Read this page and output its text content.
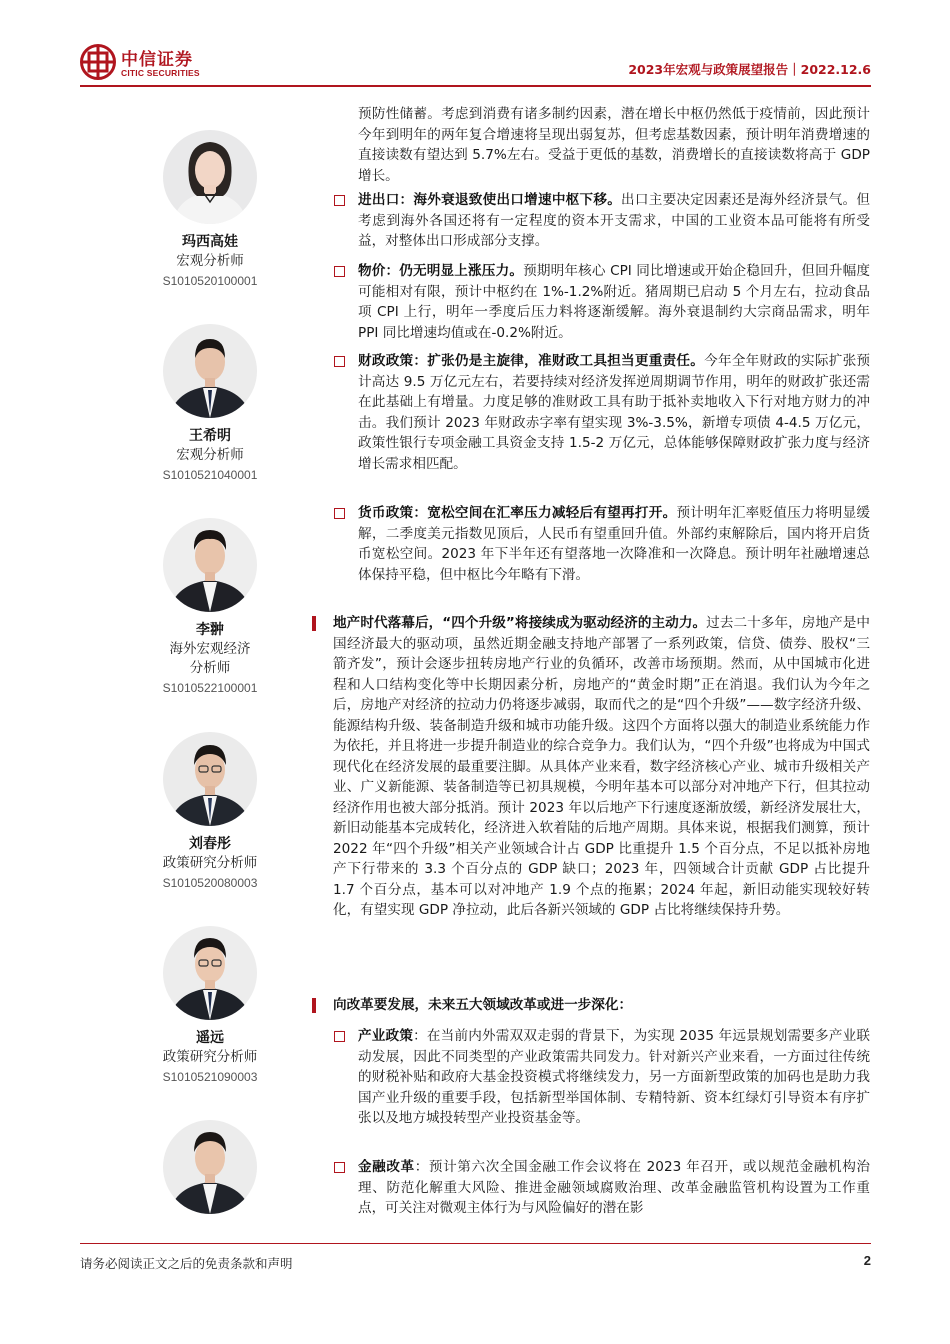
中信证券
CITIC SECURITIES	2023年宏观与政策展望报告｜2022.12.6
玛西高娃
宏观分析师
S1010520100001
王希明
宏观分析师
S1010521040001
李翀
海外宏观经济
分析师
S1010522100001
刘春彤
政策研究分析师
S1010520080003
遥远
政策研究分析师
S1010521090003
预防性储蓄。考虑到消费有诸多制约因素，潜在增长中枢仍然低于疫情前，因此预计今年到明年的两年复合增速将呈现出弱复苏，但考虑基数因素，预计明年消费增速的直接读数有望达到 5.7%左右。受益于更低的基数，消费增长的直接读数将高于 GDP 增长。
进出口：海外衰退致使出口增速中枢下移。出口主要决定因素还是海外经济景气。但考虑到海外各国还将有一定程度的资本开支需求，中国的工业资本品可能将有所受益，对整体出口形成部分支撑。
物价：仍无明显上涨压力。预期明年核心 CPI 同比增速或开始企稳回升，但回升幅度可能相对有限，预计中枢约在 1%-1.2%附近。猪周期已启动 5 个月左右，拉动食品项 CPI 上行，明年一季度后压力料将逐渐缓解。海外衰退制约大宗商品需求，明年 PPI 同比增速均值或在-0.2%附近。
财政政策：扩张仍是主旋律，准财政工具担当更重责任。今年全年财政的实际扩张预计高达 9.5 万亿元左右，若要持续对经济发挥逆周期调节作用，明年的财政扩张还需在此基础上有增量。力度足够的准财政工具有助于抵补卖地收入下行对地方财力的冲击。我们预计 2023 年财政赤字率有望实现 3%-3.5%，新增专项债 4-4.5 万亿元，政策性银行专项金融工具资金支持 1.5-2 万亿元，总体能够保障财政扩张力度与经济增长需求相匹配。
货币政策：宽松空间在汇率压力减轻后有望再打开。预计明年汇率贬值压力将明显缓解，二季度美元指数见顶后，人民币有望重回升值。外部约束解除后，国内将开启货币宽松空间。2023 年下半年还有望落地一次降准和一次降息。预计明年社融增速总体保持平稳，但中枢比今年略有下滑。
地产时代落幕后，“四个升级”将接续成为驱动经济的主动力。过去二十多年，房地产是中国经济最大的驱动项，虽然近期金融支持地产部署了一系列政策，信贷、债券、股权“三箭齐发”，预计会逐步扭转房地产行业的负循环，改善市场预期。然而，从中国城市化进程和人口结构变化等中长期因素分析，房地产的“黄金时期”正在消退。我们认为今年之后，房地产对经济的拉动力仍将逐步减弱，取而代之的是“四个升级”——数字经济升级、能源结构升级、装备制造升级和城市功能升级。这四个方面将以强大的制造业系统能力作为依托，并且将进一步提升制造业的综合竞争力。我们认为，“四个升级”也将成为中国式现代化在经济发展的最重要注脚。从具体产业来看，数字经济核心产业、城市升级相关产业、广义新能源、装备制造等已初具规模，今明年基本可以部分对冲地产下行，但其拉动经济作用也被大部分抵消。预计 2023 年以后地产下行速度逐渐放缓，新经济发展壮大，新旧动能基本完成转化，经济进入软着陆的后地产周期。具体来说，根据我们测算，预计 2022 年“四个升级”相关产业领域合计占 GDP 比重提升 1.5 个百分点，不足以抵补房地产下行带来的 3.3 个百分点的 GDP 缺口；2023 年，四领域合计贡献 GDP 占比提升 1.7 个百分点，基本可以对冲地产 1.9 个点的拖累；2024 年起，新旧动能实现较好转化，有望实现 GDP 净拉动，此后各新兴领域的 GDP 占比将继续保持升势。
向改革要发展，未来五大领域改革或进一步深化：
产业政策：在当前内外需双双走弱的背景下，为实现 2035 年远景规划需要多产业联动发展，因此不同类型的产业政策需共同发力。针对新兴产业来看，一方面过往传统的财税补贴和政府大基金投资模式将继续发力，另一方面新型政策的加码也是助力我国产业升级的重要手段，包括新型举国体制、专精特新、资本红绿灯引导资本有序扩张以及地方城投转型产业投资基金等。
金融改革：预计第六次全国金融工作会议将在 2023 年召开，或以规范金融机构治理、防范化解重大风险、推进金融领域腐败治理、改革金融监管机构设置为工作重点，可关注对微观主体行为与风险偏好的潜在影
请务必阅读正文之后的免责条款和声明	2
